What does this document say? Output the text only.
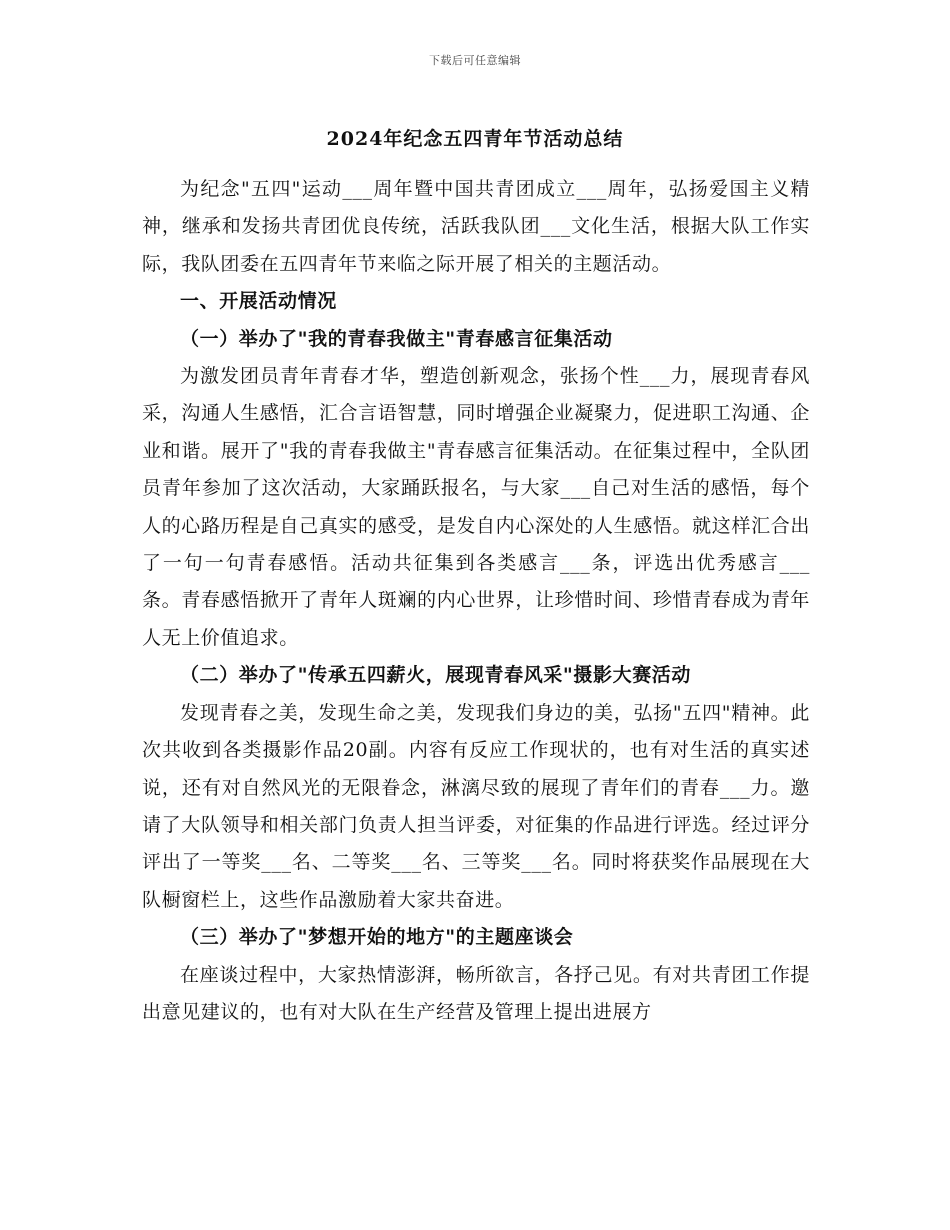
下载后可任意编辑
2024年纪念五四青年节活动总结

为纪念"五四"运动___周年暨中国共青团成立___周年，弘扬爱国主义精神，继承和发扬共青团优良传统，活跃我队团___文化生活，根据大队工作实际，我队团委在五四青年节来临之际开展了相关的主题活动。

一、开展活动情况

（一）举办了"我的青春我做主"青春感言征集活动

为激发团员青年青春才华，塑造创新观念，张扬个性___力，展现青春风采，沟通人生感悟，汇合言语智慧，同时增强企业凝聚力，促进职工沟通、企业和谐。展开了"我的青春我做主"青春感言征集活动。在征集过程中，全队团员青年参加了这次活动，大家踊跃报名，与大家___自己对生活的感悟，每个人的心路历程是自己真实的感受，是发自内心深处的人生感悟。就这样汇合出了一句一句青春感悟。活动共征集到各类感言___条，评选出优秀感言___条。青春感悟掀开了青年人斑斓的内心世界，让珍惜时间、珍惜青春成为青年人无上价值追求。

（二）举办了"传承五四薪火，展现青春风采"摄影大赛活动

发现青春之美，发现生命之美，发现我们身边的美，弘扬"五四"精神。此次共收到各类摄影作品20副。内容有反应工作现状的，也有对生活的真实述说，还有对自然风光的无限眷念，淋漓尽致的展现了青年们的青春___力。邀请了大队领导和相关部门负责人担当评委，对征集的作品进行评选。经过评分评出了一等奖___名、二等奖___名、三等奖___名。同时将获奖作品展现在大队橱窗栏上，这些作品激励着大家共奋进。

（三）举办了"梦想开始的地方"的主题座谈会

在座谈过程中，大家热情澎湃，畅所欲言，各抒己见。有对共青团工作提出意见建议的，也有对大队在生产经营及管理上提出进展方
